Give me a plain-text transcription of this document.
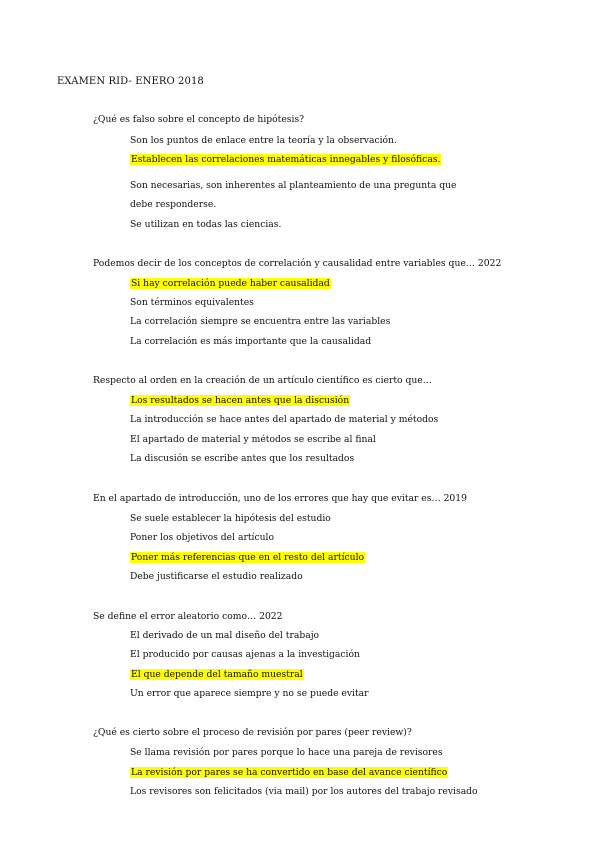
EXAMEN RID- ENERO 2018
¿Qué es falso sobre el concepto de hipótesis?
Son los puntos de enlace entre la teoría y la observación.
Establecen las correlaciones matemáticas innegables y filosóficas.
Son necesarias, son inherentes al planteamiento de una pregunta que
debe responderse.
Se utilizan en todas las ciencias.
Podemos decir de los conceptos de correlación y causalidad entre variables que… 2022
Si hay correlación puede haber causalidad
Son términos equivalentes
La correlación siempre se encuentra entre las variables
La correlación es más importante que la causalidad
Respecto al orden en la creación de un artículo científico es cierto que…
Los resultados se hacen antes que la discusión
La introducción se hace antes del apartado de material y métodos
El apartado de material y métodos se escribe al final
La discusión se escribe antes que los resultados
En el apartado de introducción, uno de los errores que hay que evitar es… 2019
Se suele establecer la hipótesis del estudio
Poner los objetivos del artículo
Poner más referencias que en el resto del artículo
Debe justificarse el estudio realizado
Se define el error aleatorio como… 2022
El derivado de un mal diseño del trabajo
El producido por causas ajenas a la investigación
El que depende del tamaño muestral
Un error que aparece siempre y no se puede evitar
¿Qué es cierto sobre el proceso de revisión por pares (peer review)?
Se llama revisión por pares porque lo hace una pareja de revisores
La revisión por pares se ha convertido en base del avance científico
Los revisores son felicitados (via mail) por los autores del trabajo revisado
